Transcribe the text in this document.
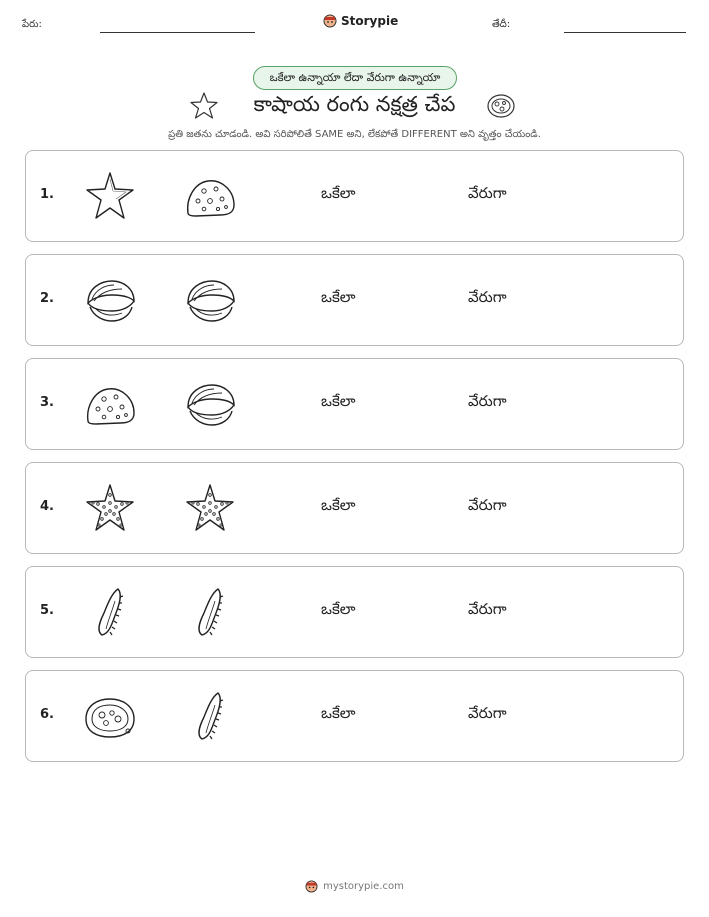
పేరు:	Storypie	తేదీ:
ఒకేలా ఉన్నాయా లేదా వేరుగా ఉన్నాయా
కాషాయ రంగు నక్షత్ర చేప
ప్రతి జతను చూడండి. అవి సరిపోలితే SAME అని, లేకపోతే DIFFERENT అని వృత్తం చేయండి.
1.	ఒకేలా	వేరుగా
2.	ఒకేలా	వేరుగా
3.	ఒకేలా	వేరుగా
4.	ఒకేలా	వేరుగా
5.	ఒకేలా	వేరుగా
6.	ఒకేలా	వేరుగా
mystorypie.com
